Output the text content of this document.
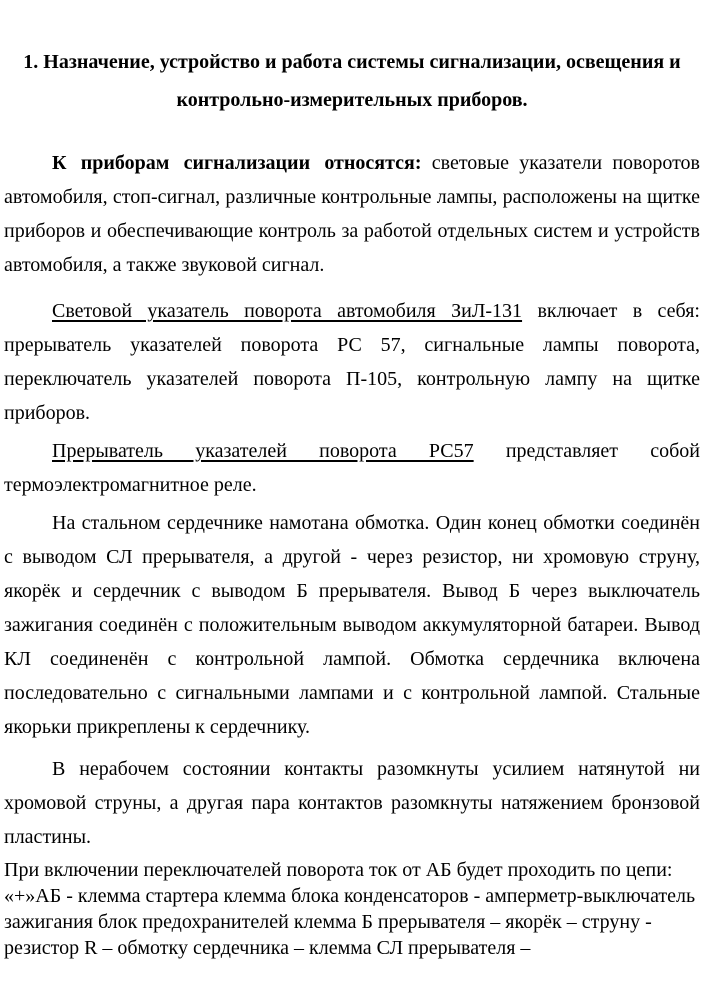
1. Назначение, устройство и работа системы сигнализации, освещения и

контрольно-измерительных приборов.

К приборам сигнализации относятся: световые указатели поворотов автомобиля, стоп-сигнал, различные контрольные лампы, расположены на щитке приборов и обеспечивающие контроль за работой отдельных систем и устройств автомобиля, а также звуковой сигнал.

Световой указатель поворота автомобиля ЗиЛ-131 включает в себя: прерыватель указателей поворота РС 57, сигнальные лампы поворота, переключатель указателей поворота П-105, контрольную лампу на щитке приборов.

Прерыватель указателей поворота РС57 представляет собой термоэлектромагнитное реле.

На стальном сердечнике намотана обмотка. Один конец обмотки соединён с выводом СЛ прерывателя, а другой - через резистор, ни хромовую струну, якорёк и сердечник с выводом Б прерывателя. Вывод Б через выключатель зажигания соединён с положительным выводом аккумуляторной батареи. Вывод КЛ соединенён с контрольной лампой. Обмотка сердечника включена последовательно с сигнальными лампами и с контрольной лампой. Стальные якорьки прикреплены к сердечнику.

В нерабочем состоянии контакты разомкнуты усилием натянутой ни хромовой струны, а другая пара контактов разомкнуты натяжением бронзовой пластины.

При включении переключателей поворота ток от АБ будет проходить по цепи: «+»АБ - клемма стартера клемма блока конденсаторов - амперметр-выключатель зажигания блок предохранителей клемма Б прерывателя – якорёк – струну - резистор R – обмотку сердечника – клемма СЛ прерывателя –
